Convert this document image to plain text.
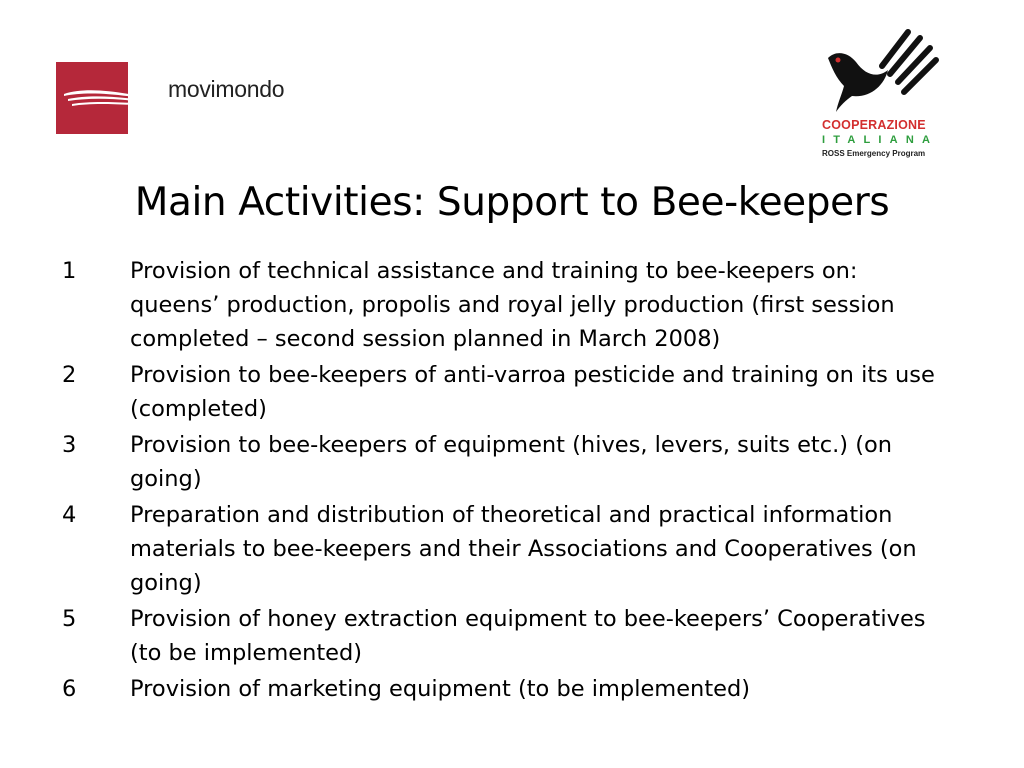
movimondo
COOPERAZIONE
ITALIANA
ROSS Emergency Program
Main Activities: Support to Bee-keepers
1	Provision of technical assistance and training to bee-keepers on: queens’ production, propolis and royal jelly production (first session completed – second session planned in March 2008)
2	Provision to bee-keepers of anti-varroa pesticide and training on its use (completed)
3	Provision to bee-keepers of equipment (hives, levers, suits etc.) (on going)
4	Preparation and distribution of theoretical and practical information materials to bee-keepers and their Associations and Cooperatives (on going)
5	Provision of honey extraction equipment to bee-keepers’ Cooperatives (to be implemented)
6	Provision of marketing equipment (to be implemented)
